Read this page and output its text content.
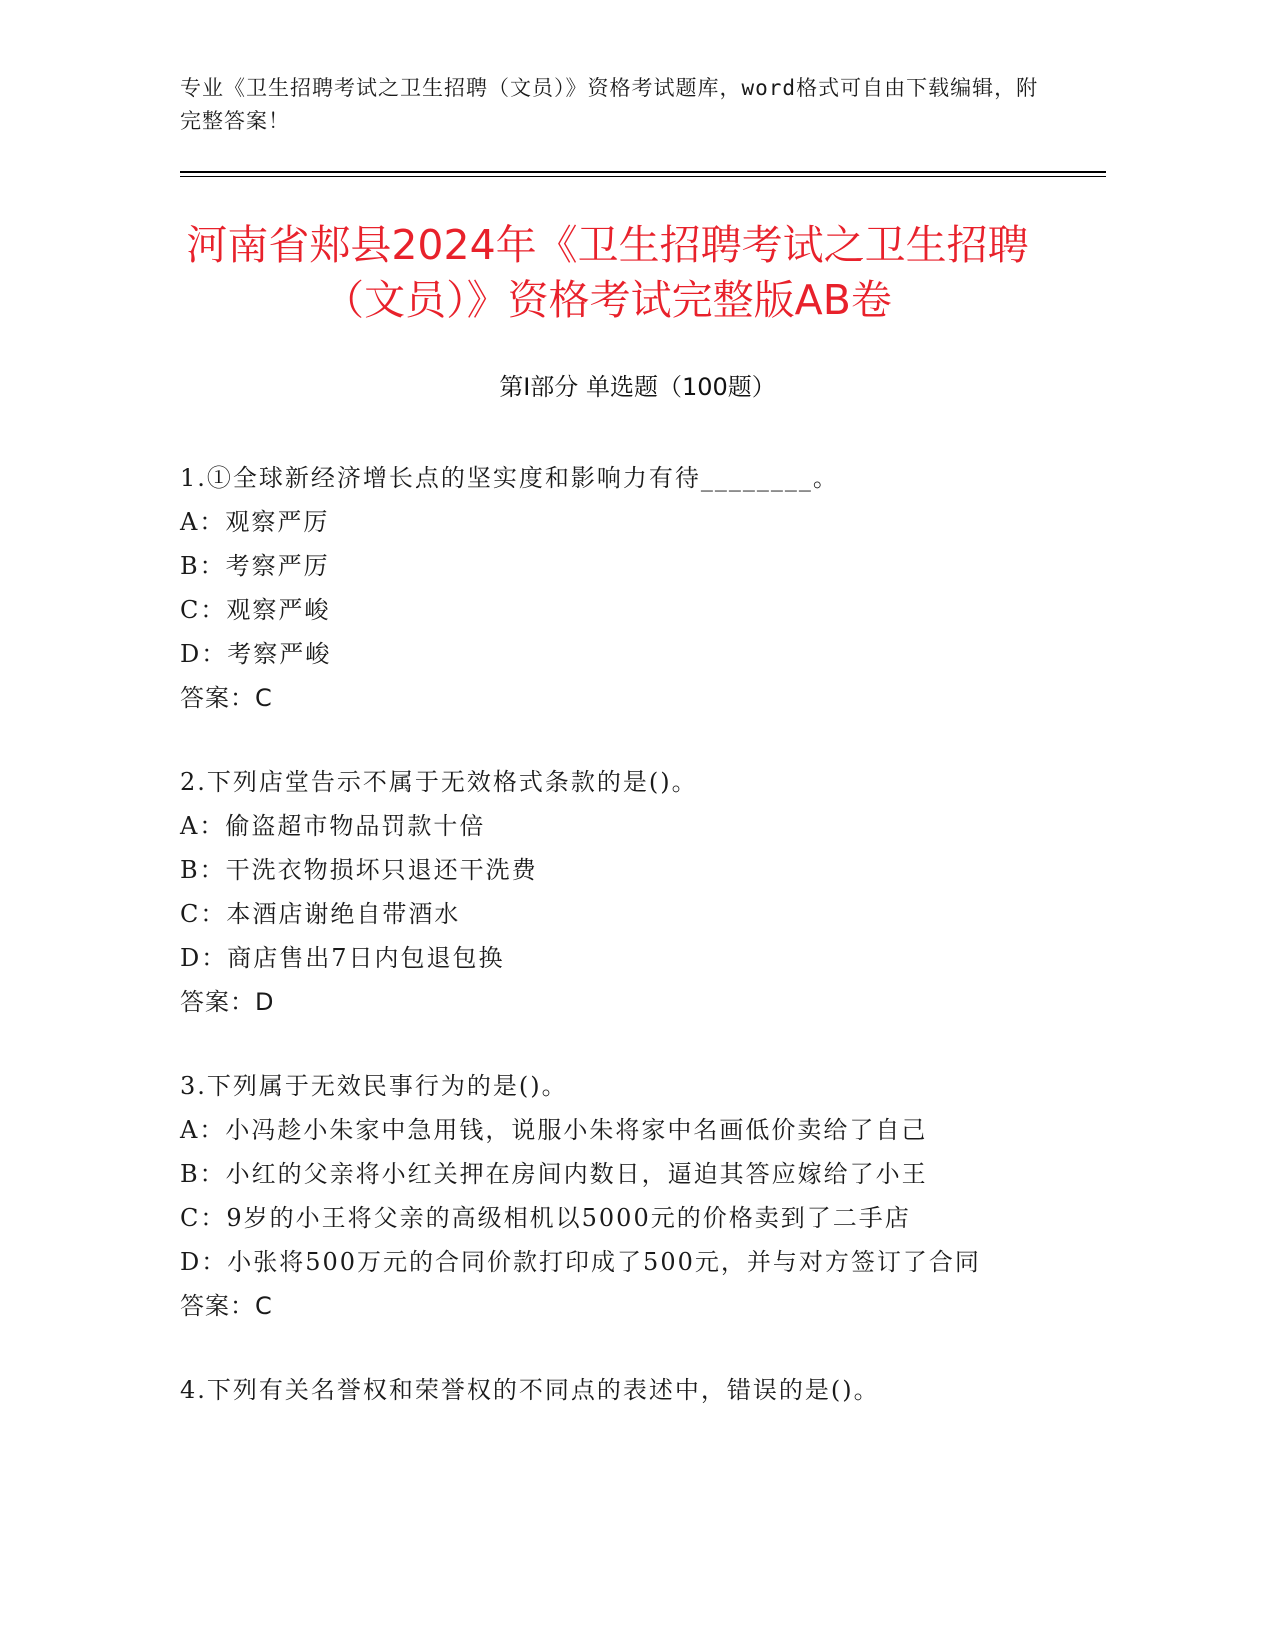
专业《卫生招聘考试之卫生招聘（文员）》资格考试题库，word格式可自由下载编辑，附完整答案！
河南省郏县2024年《卫生招聘考试之卫生招聘（文员）》资格考试完整版AB卷
第Ⅰ部分 单选题（100题）
1.①全球新经济增长点的坚实度和影响力有待________。
A：观察严厉
B：考察严厉
C：观察严峻
D：考察严峻
答案：C
2.下列店堂告示不属于无效格式条款的是()。
A：偷盗超市物品罚款十倍
B：干洗衣物损坏只退还干洗费
C：本酒店谢绝自带酒水
D：商店售出7日内包退包换
答案：D
3.下列属于无效民事行为的是()。
A：小冯趁小朱家中急用钱，说服小朱将家中名画低价卖给了自己
B：小红的父亲将小红关押在房间内数日，逼迫其答应嫁给了小王
C：9岁的小王将父亲的高级相机以5000元的价格卖到了二手店
D：小张将500万元的合同价款打印成了500元，并与对方签订了合同
答案：C
4.下列有关名誉权和荣誉权的不同点的表述中，错误的是()。
